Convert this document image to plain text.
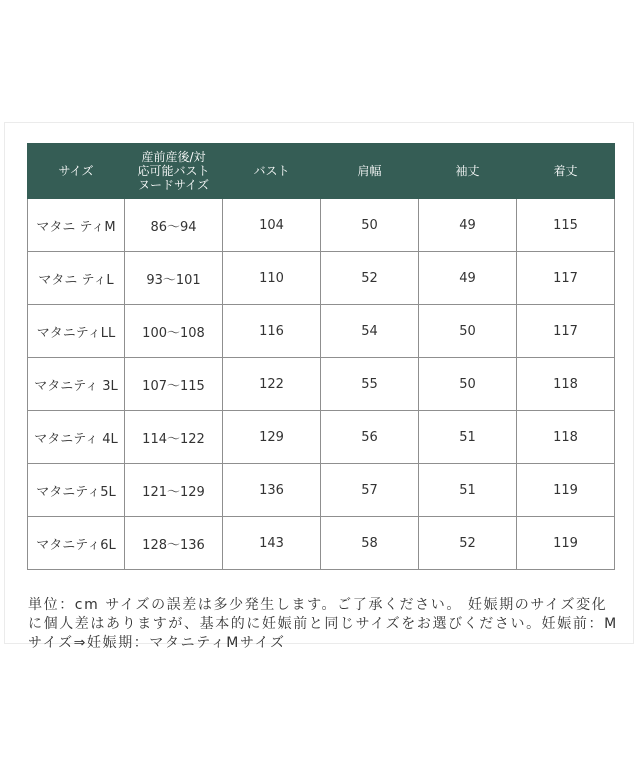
サイズ	産前産後/対
応可能バスト
ヌードサイズ	バスト	肩幅	袖丈	着丈
マタニ ティM	86～94	104	50	49	115
マタニ ティL	93～101	110	52	49	117
マタニティLL	100～108	116	54	50	117
マタニティ 3L	107～115	122	55	50	118
マタニティ 4L	114～122	129	56	51	118
マタニティ5L	121～129	136	57	51	119
マタニティ6L	128～136	143	58	52	119
単位：cm サイズの誤差は多少発生します。ご了承ください。 妊娠期のサイズ変化に個人差はありますが、基本的に妊娠前と同じサイズをお選びください。妊娠前：Mサイズ⇒妊娠期：マタニティMサイズ
